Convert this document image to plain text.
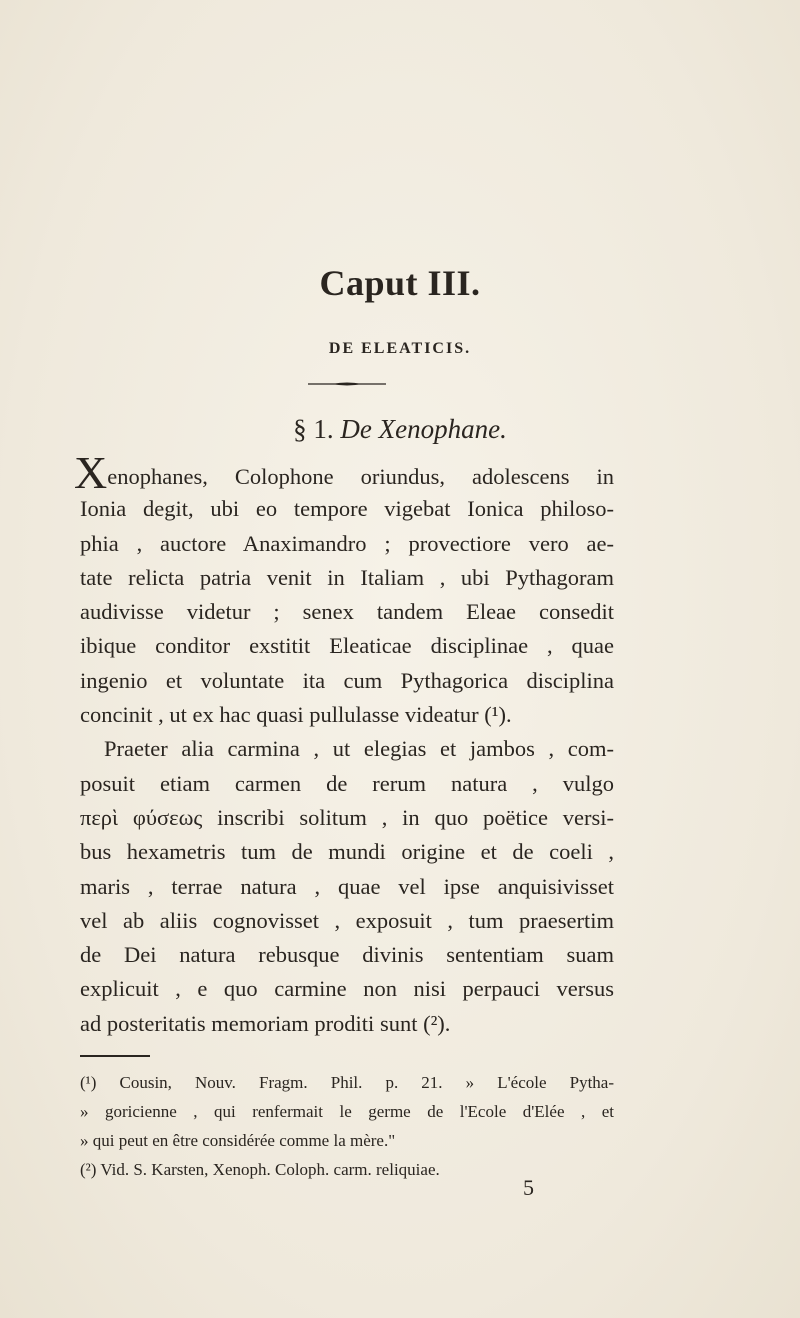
Caput III.
DE ELEATICIS.
§ 1. De Xenophane.
Xenophanes, Colophone oriundus, adolescens in
Ionia degit, ubi eo tempore vigebat Ionica philoso-
phia , auctore Anaximandro ; provectiore vero ae-
tate relicta patria venit in Italiam , ubi Pythagoram
audivisse videtur ; senex tandem Eleae consedit
ibique conditor exstitit Eleaticae disciplinae , quae
ingenio et voluntate ita cum Pythagorica disciplina
concinit , ut ex hac quasi pullulasse videatur (¹).
Praeter alia carmina , ut elegias et jambos , com-
posuit etiam carmen de rerum natura , vulgo
περὶ φύσεως inscribi solitum , in quo poëtice versi-
bus hexametris tum de mundi origine et de coeli ,
maris , terrae natura , quae vel ipse anquisivisset
vel ab aliis cognovisset , exposuit , tum praesertim
de Dei natura rebusque divinis sententiam suam
explicuit , e quo carmine non nisi perpauci versus
ad posteritatis memoriam proditi sunt (²).
(¹) Cousin, Nouv. Fragm. Phil. p. 21. » L'école Pytha-
» goricienne , qui renfermait le germe de l'Ecole d'Elée , et
» qui peut en être considérée comme la mère."
(²) Vid. S. Karsten, Xenoph. Coloph. carm. reliquiae.
5
